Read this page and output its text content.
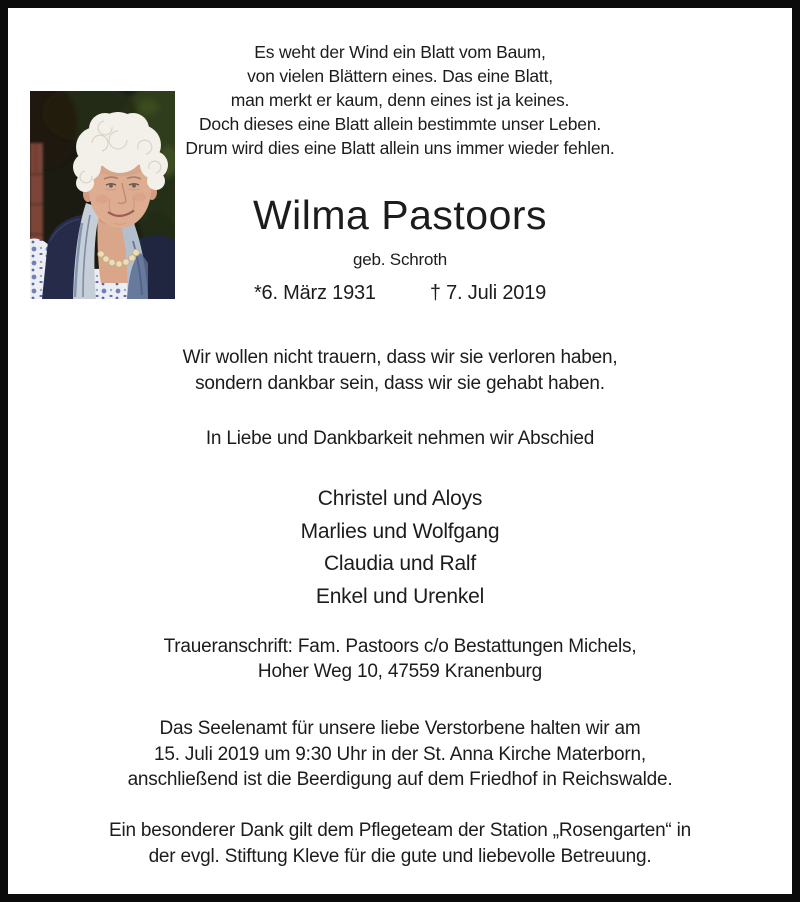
Es weht der Wind ein Blatt vom Baum,
von vielen Blättern eines. Das eine Blatt,
man merkt er kaum, denn eines ist ja keines.
Doch dieses eine Blatt allein bestimmte unser Leben.
Drum wird dies eine Blatt allein uns immer wieder fehlen.
Wilma Pastoors
geb. Schroth
*6. März 1931	† 7. Juli 2019
Wir wollen nicht trauern, dass wir sie verloren haben,
sondern dankbar sein, dass wir sie gehabt haben.
In Liebe und Dankbarkeit nehmen wir Abschied
Christel und Aloys
Marlies und Wolfgang
Claudia und Ralf
Enkel und Urenkel
Traueranschrift: Fam. Pastoors c/o Bestattungen Michels,
Hoher Weg 10, 47559 Kranenburg
Das Seelenamt für unsere liebe Verstorbene halten wir am
15. Juli 2019 um 9:30 Uhr in der St. Anna Kirche Materborn,
anschließend ist die Beerdigung auf dem Friedhof in Reichswalde.
Ein besonderer Dank gilt dem Pflegeteam der Station „Rosengarten“ in
der evgl. Stiftung Kleve für die gute und liebevolle Betreuung.
